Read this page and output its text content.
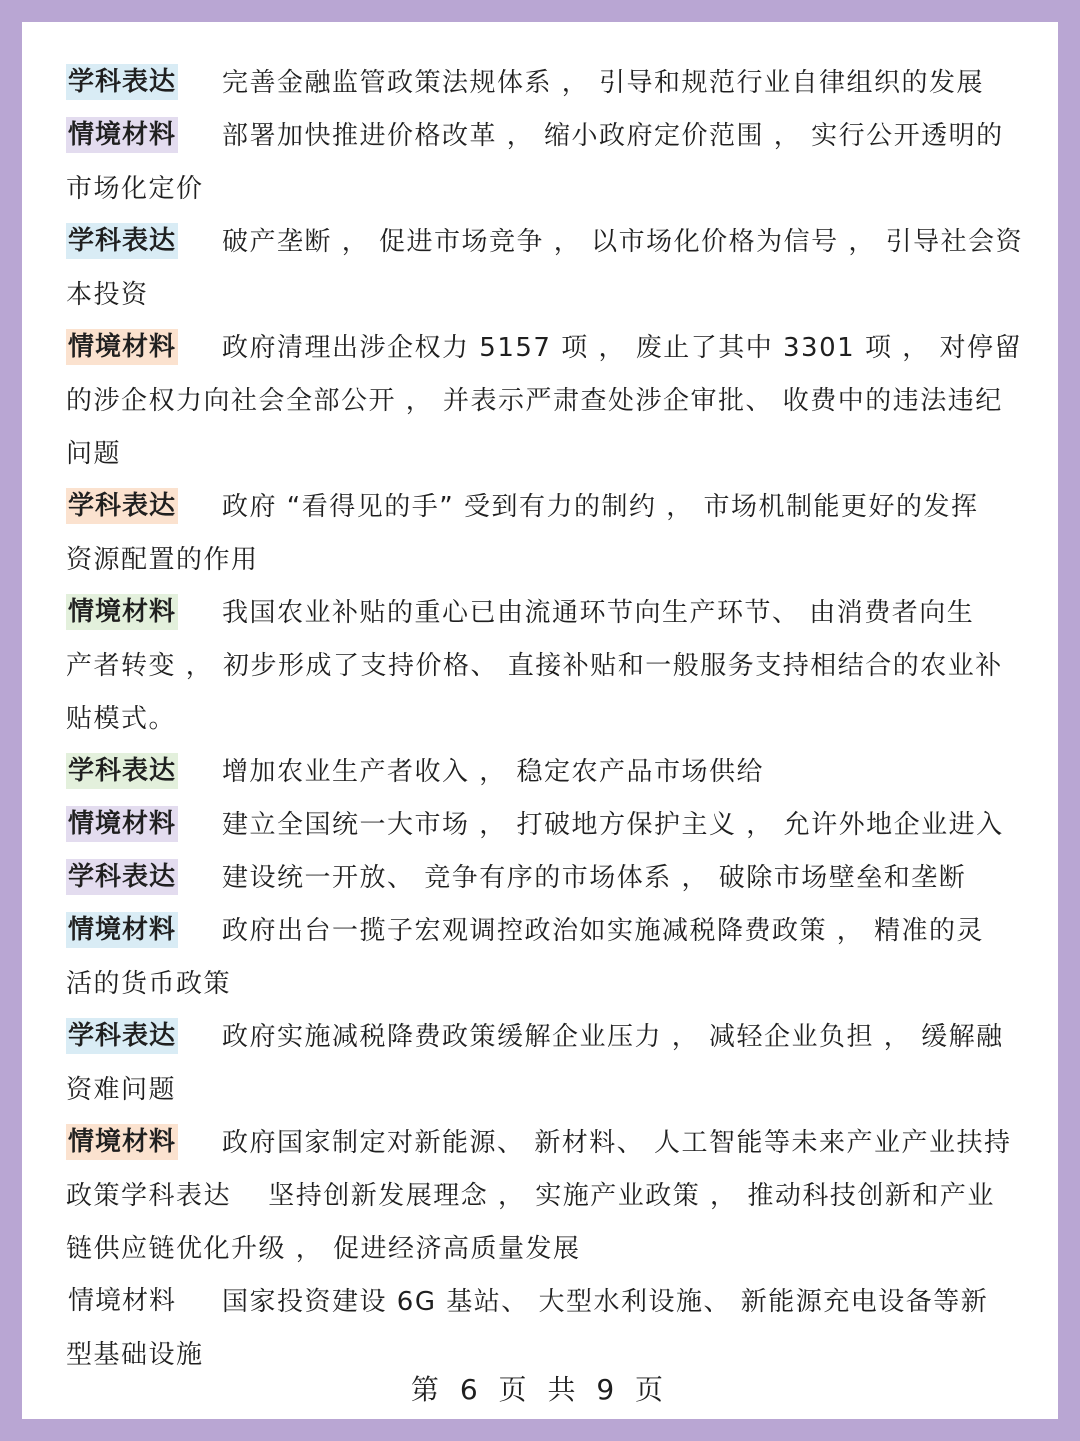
学科表达 完善金融监管政策法规体系 ， 引导和规范行业自律组织的发展
情境材料 部署加快推进价格改革 ， 缩小政府定价范围 ， 实行公开透明的
市场化定价
学科表达 破产垄断 ， 促进市场竞争 ， 以市场化价格为信号 ， 引导社会资
本投资
情境材料 政府清理出涉企权力 5157 项 ， 废止了其中 3301 项 ， 对停留
的涉企权力向社会全部公开 ， 并表示严肃查处涉企审批、 收费中的违法违纪
问题
学科表达 政府 “看得见的手” 受到有力的制约 ， 市场机制能更好的发挥
资源配置的作用
情境材料 我国农业补贴的重心已由流通环节向生产环节、 由消费者向生
产者转变 ， 初步形成了支持价格、 直接补贴和一般服务支持相结合的农业补
贴模式。
学科表达 增加农业生产者收入 ， 稳定农产品市场供给
情境材料 建立全国统一大市场 ， 打破地方保护主义 ， 允许外地企业进入
学科表达 建设统一开放、 竞争有序的市场体系 ， 破除市场壁垒和垄断
情境材料 政府出台一揽子宏观调控政治如实施减税降费政策 ， 精准的灵
活的货币政策
学科表达 政府实施减税降费政策缓解企业压力 ， 减轻企业负担 ， 缓解融
资难问题
情境材料 政府国家制定对新能源、 新材料、 人工智能等未来产业产业扶持
政策学科表达　 坚持创新发展理念 ， 实施产业政策 ， 推动科技创新和产业
链供应链优化升级 ， 促进经济高质量发展
情境材料 国家投资建设 6G 基站、 大型水利设施、 新能源充电设备等新
型基础设施
第 6 页 共 9 页
